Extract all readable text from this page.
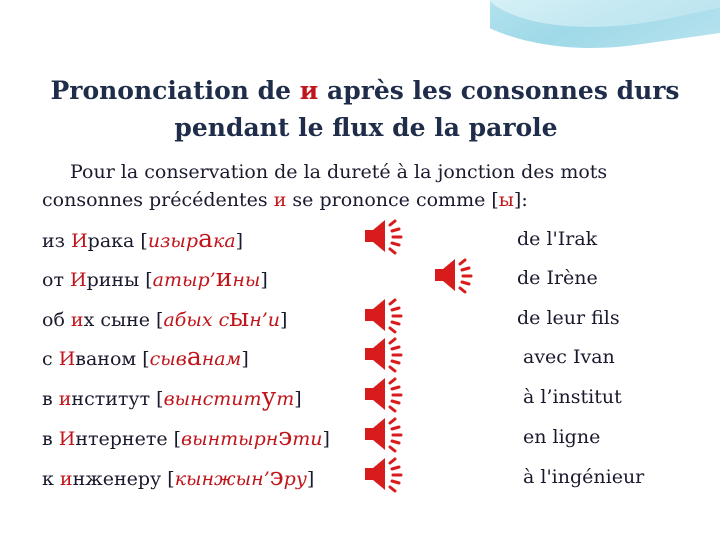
Prononciation de и après les consonnes durs
pendant le flux de la parole
Pour la conservation de la dureté à la jonction des mots
consonnes précédentes и se prononce comme [ы]:
из Ирака [изырака]	de l'Irak
от Ирины [атыр’ины]	de Irène
об их сыне [абых сын’и]	de leur fils
с Иваном [сыванам]	avec Ivan
в институт [вынститут]	à l’institut
в Интернете [вынтырнэти]	en ligne
к инженеру [кынжын’эру]	à l'ingénieur
